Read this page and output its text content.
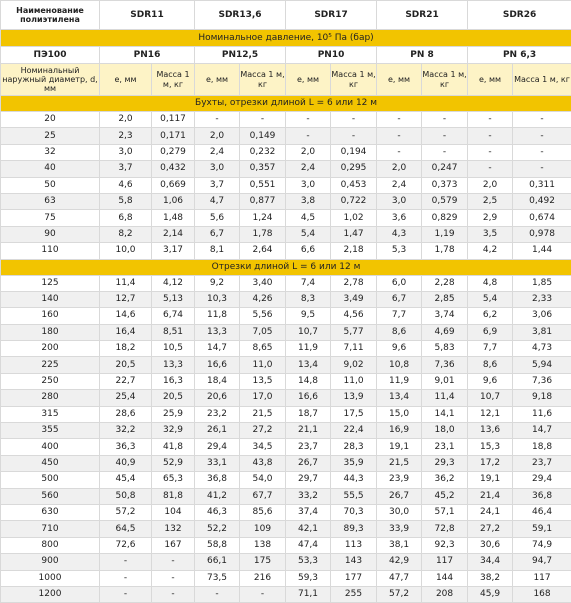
Наименование полиэтилена	SDR11		SDR13,6		SDR17		SDR21		SDR26	
Номинальное давление, 10⁵ Па (бар)										
ПЭ100	PN16		PN12,5		PN10		PN 8		PN 6,3	
Номинальный наружный диаметр, d, мм	е, мм	Масса 1 м, кг	е, мм	Масса 1 м, кг	е, мм	Масса 1 м, кг	е, мм	Масса 1 м, кг	е, мм	Масса 1 м, кг
Бухты, отрезки длиной L = 6 или 12 м										
20	2,0	0,117	-	-	-	-	-	-	-	-
25	2,3	0,171	2,0	0,149	-	-	-	-	-	-
32	3,0	0,279	2,4	0,232	2,0	0,194	-	-	-	-
40	3,7	0,432	3,0	0,357	2,4	0,295	2,0	0,247	-	-
50	4,6	0,669	3,7	0,551	3,0	0,453	2,4	0,373	2,0	0,311
63	5,8	1,06	4,7	0,877	3,8	0,722	3,0	0,579	2,5	0,492
75	6,8	1,48	5,6	1,24	4,5	1,02	3,6	0,829	2,9	0,674
90	8,2	2,14	6,7	1,78	5,4	1,47	4,3	1,19	3,5	0,978
110	10,0	3,17	8,1	2,64	6,6	2,18	5,3	1,78	4,2	1,44
Отрезки длиной L = 6 или 12 м										
125	11,4	4,12	9,2	3,40	7,4	2,78	6,0	2,28	4,8	1,85
140	12,7	5,13	10,3	4,26	8,3	3,49	6,7	2,85	5,4	2,33
160	14,6	6,74	11,8	5,56	9,5	4,56	7,7	3,74	6,2	3,06
180	16,4	8,51	13,3	7,05	10,7	5,77	8,6	4,69	6,9	3,81
200	18,2	10,5	14,7	8,65	11,9	7,11	9,6	5,83	7,7	4,73
225	20,5	13,3	16,6	11,0	13,4	9,02	10,8	7,36	8,6	5,94
250	22,7	16,3	18,4	13,5	14,8	11,0	11,9	9,01	9,6	7,36
280	25,4	20,5	20,6	17,0	16,6	13,9	13,4	11,4	10,7	9,18
315	28,6	25,9	23,2	21,5	18,7	17,5	15,0	14,1	12,1	11,6
355	32,2	32,9	26,1	27,2	21,1	22,4	16,9	18,0	13,6	14,7
400	36,3	41,8	29,4	34,5	23,7	28,3	19,1	23,1	15,3	18,8
450	40,9	52,9	33,1	43,8	26,7	35,9	21,5	29,3	17,2	23,7
500	45,4	65,3	36,8	54,0	29,7	44,3	23,9	36,2	19,1	29,4
560	50,8	81,8	41,2	67,7	33,2	55,5	26,7	45,2	21,4	36,8
630	57,2	104	46,3	85,6	37,4	70,3	30,0	57,1	24,1	46,4
710	64,5	132	52,2	109	42,1	89,3	33,9	72,8	27,2	59,1
800	72,6	167	58,8	138	47,4	113	38,1	92,3	30,6	74,9
900	-	-	66,1	175	53,3	143	42,9	117	34,4	94,7
1000	-	-	73,5	216	59,3	177	47,7	144	38,2	117
1200	-	-	-	-	71,1	255	57,2	208	45,9	168
